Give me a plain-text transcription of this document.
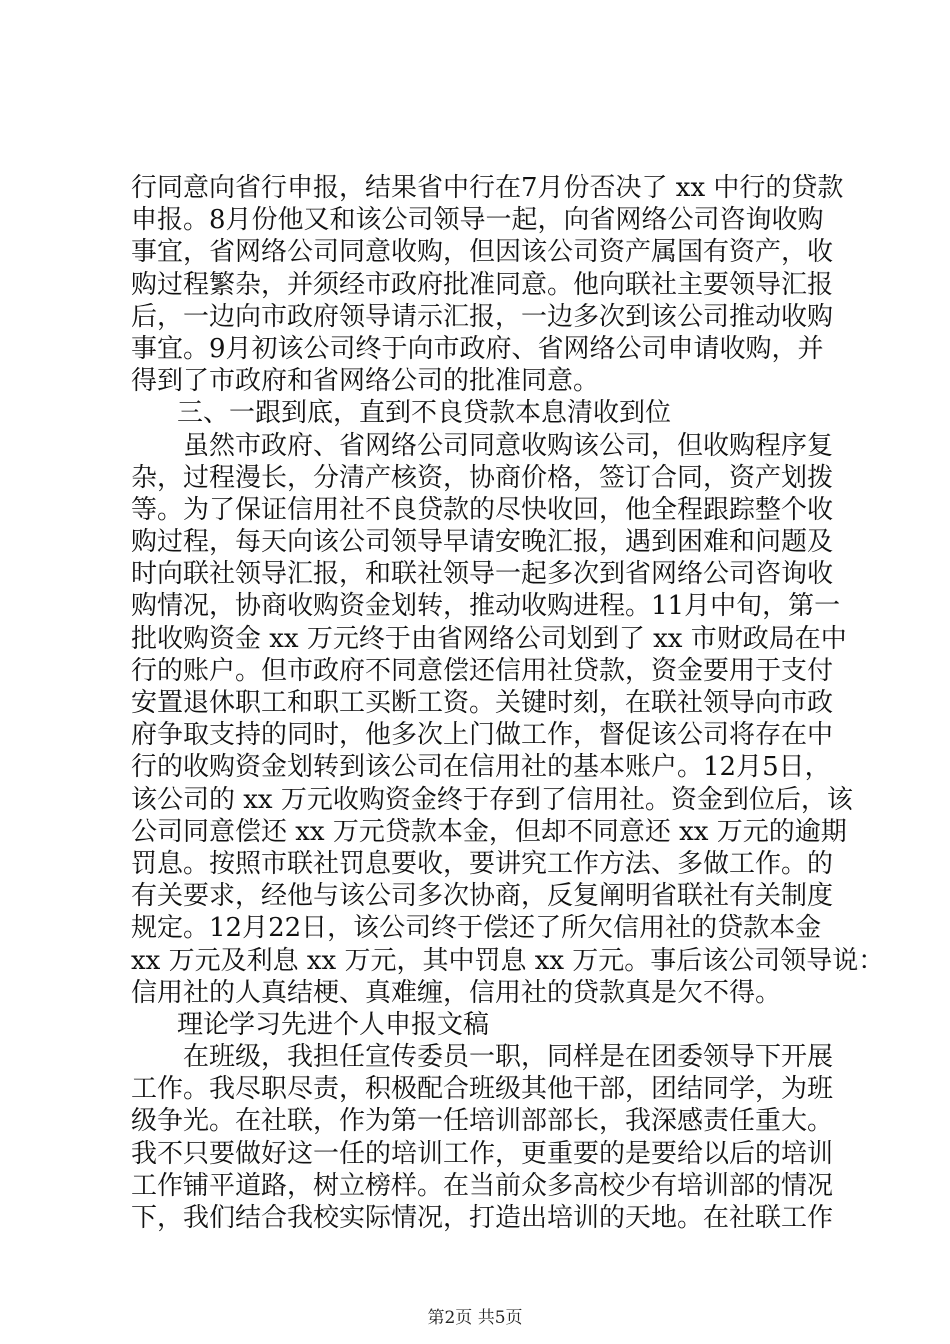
行同意向省行申报，结果省中行在7月份否决了 xx 中行的贷款
申报。8月份他又和该公司领导一起，向省网络公司咨询收购
事宜，省网络公司同意收购，但因该公司资产属国有资产，收
购过程繁杂，并须经市政府批准同意。他向联社主要领导汇报
后，一边向市政府领导请示汇报，一边多次到该公司推动收购
事宜。9月初该公司终于向市政府、省网络公司申请收购，并
得到了市政府和省网络公司的批准同意。
三、一跟到底，直到不良贷款本息清收到位
虽然市政府、省网络公司同意收购该公司，但收购程序复
杂，过程漫长，分清产核资，协商价格，签订合同，资产划拨
等。为了保证信用社不良贷款的尽快收回，他全程跟踪整个收
购过程，每天向该公司领导早请安晚汇报，遇到困难和问题及
时向联社领导汇报，和联社领导一起多次到省网络公司咨询收
购情况，协商收购资金划转，推动收购进程。11月中旬，第一
批收购资金 xx 万元终于由省网络公司划到了 xx 市财政局在中
行的账户。但市政府不同意偿还信用社贷款，资金要用于支付
安置退休职工和职工买断工资。关键时刻，在联社领导向市政
府争取支持的同时，他多次上门做工作，督促该公司将存在中
行的收购资金划转到该公司在信用社的基本账户。12月5日，
该公司的 xx 万元收购资金终于存到了信用社。资金到位后，该
公司同意偿还 xx 万元贷款本金，但却不同意还 xx 万元的逾期
罚息。按照市联社罚息要收，要讲究工作方法、多做工作。的
有关要求，经他与该公司多次协商，反复阐明省联社有关制度
规定。12月22日，该公司终于偿还了所欠信用社的贷款本金
xx 万元及利息 xx 万元，其中罚息 xx 万元。事后该公司领导说：
信用社的人真结梗、真难缠，信用社的贷款真是欠不得。
理论学习先进个人申报文稿
在班级，我担任宣传委员一职，同样是在团委领导下开展
工作。我尽职尽责，积极配合班级其他干部，团结同学，为班
级争光。在社联，作为第一任培训部部长，我深感责任重大。
我不只要做好这一任的培训工作，更重要的是要给以后的培训
工作铺平道路，树立榜样。在当前众多高校少有培训部的情况
下，我们结合我校实际情况，打造出培训的天地。在社联工作
第2页 共5页
